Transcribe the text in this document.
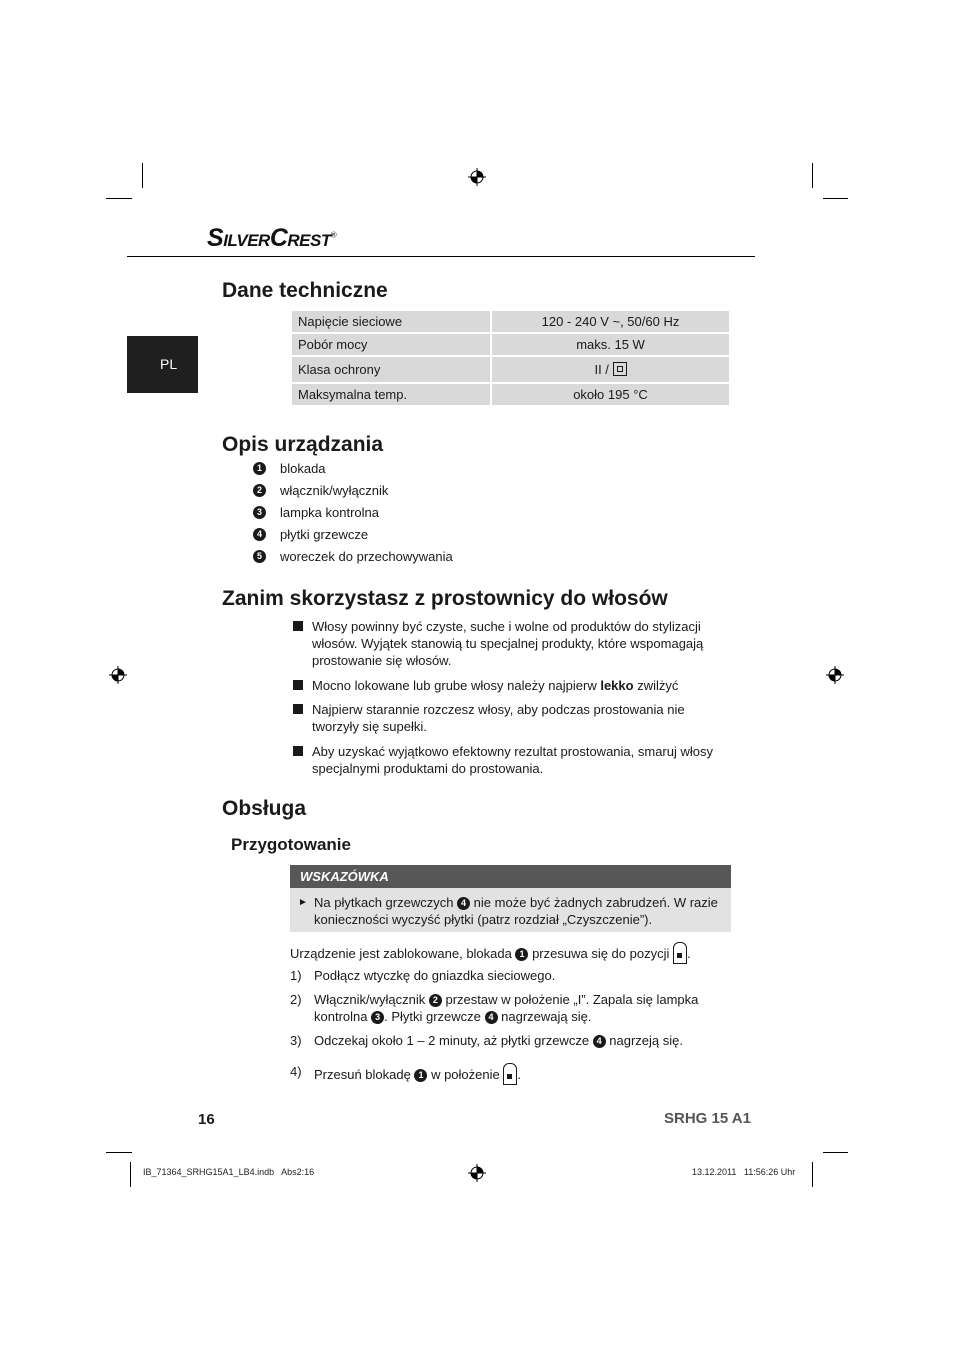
SILVERCREST®
PL
Dane techniczne
Napięcie sieciowe	120 - 240 V ~, 50/60 Hz
Pobór mocy	maks. 15 W
Klasa ochrony	II /
Maksymalna temp.	około 195 °C
Opis urządzania
1	blokada
2	włącznik/wyłącznik
3	lampka kontrolna
4	płytki grzewcze
5	woreczek do przechowywania
Zanim skorzystasz z prostownicy do włosów
Włosy powinny być czyste, suche i wolne od produktów do stylizacji włosów. Wyjątek stanowią tu specjalnej produkty, które wspomagają prostowanie się włosów.
Mocno lokowane lub grube włosy należy najpierw lekko zwilżyć
Najpierw starannie rozczesz włosy, aby podczas prostowania nie tworzyły się supełki.
Aby uzyskać wyjątkowo efektowny rezultat prostowania, smaruj włosy specjalnymi produktami do prostowania.
Obsługa
Przygotowanie
WSKAZÓWKA
► Na płytkach grzewczych 4 nie może być żadnych zabrudzeń. W razie konieczności wyczyść płytki (patrz rozdział „Czyszczenie”).
Urządzenie jest zablokowane, blokada 1 przesuwa się do pozycji .
1) Podłącz wtyczkę do gniazdka sieciowego.
2) Włącznik/wyłącznik 2 przestaw w położenie „I”. Zapala się lampka kontrolna 3 . Płytki grzewcze 4 nagrzewają się.
3) Odczekaj około 1 – 2 minuty, aż płytki grzewcze 4 nagrzeją się.
4) Przesuń blokadę 1 w położenie .
16	SRHG 15 A1
IB_71364_SRHG15A1_LB4.indb   Abs2:16	13.12.2011   11:56:26 Uhr
